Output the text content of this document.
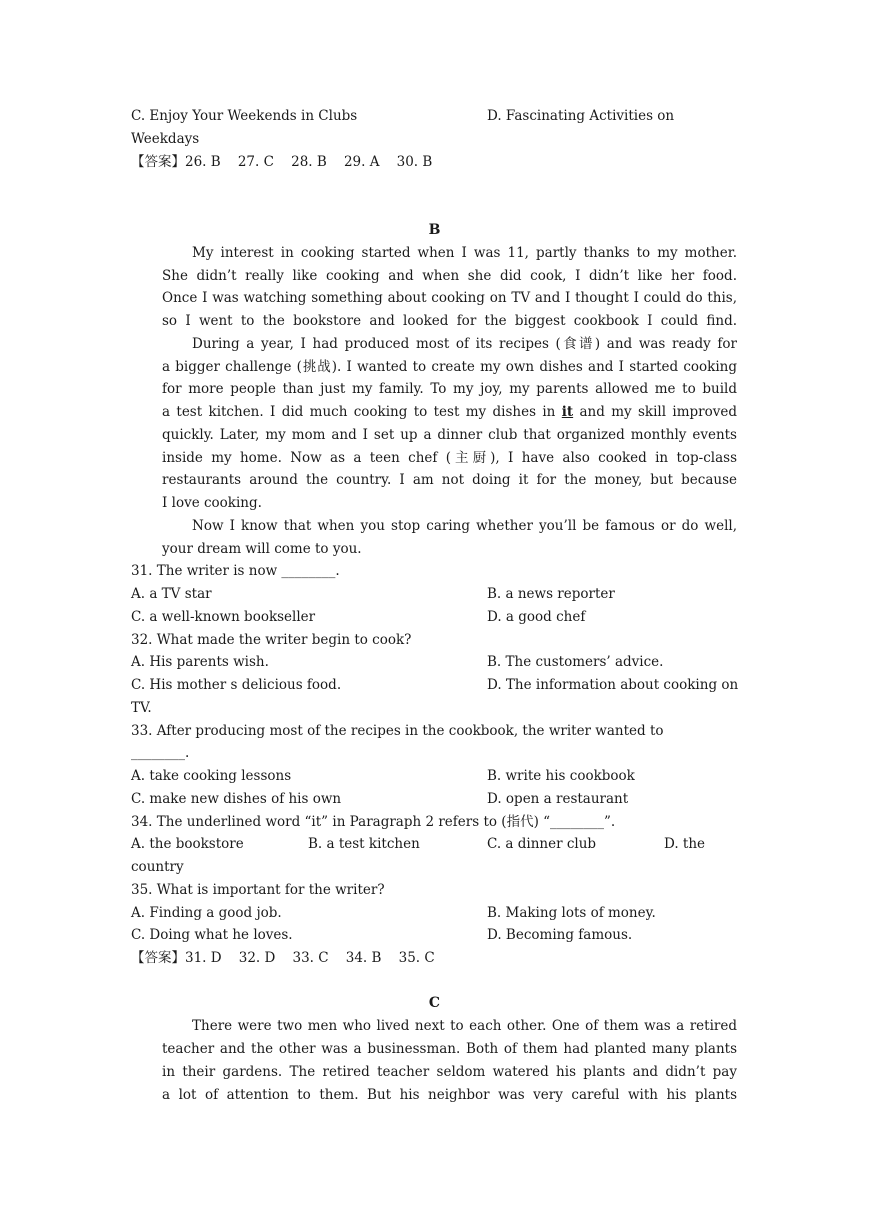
C. Enjoy Your Weekends in Clubs	D. Fascinating Activities on
Weekdays
【答案】26. B    27. C    28. B    29. A    30. B
B
My interest in cooking started when I was 11, partly thanks to my mother.
She didn’t really like cooking and when she did cook, I didn’t like her food.
Once I was watching something about cooking on TV and I thought I could do this,
so I went to the bookstore and looked for the biggest cookbook I could find.
During a year, I had produced most of its recipes (食谱) and was ready for
a bigger challenge (挑战). I wanted to create my own dishes and I started cooking
for more people than just my family. To my joy, my parents allowed me to build
a test kitchen. I did much cooking to test my dishes in it and my skill improved
quickly. Later, my mom and I set up a dinner club that organized monthly events
inside my home. Now as a teen chef (主厨), I have also cooked in top-class
restaurants around the country. I am not doing it for the money, but because
I love cooking.
Now I know that when you stop caring whether you’ll be famous or do well,
your dream will come to you.
31. The writer is now ________.
A. a TV star	B. a news reporter
C. a well-known bookseller	D. a good chef
32. What made the writer begin to cook?
A. His parents wish.	B. The customers’ advice.
C. His mother s delicious food.	D. The information about cooking on
TV.
33. After producing most of the recipes in the cookbook, the writer wanted to
________.
A. take cooking lessons	B. write his cookbook
C. make new dishes of his own	D. open a restaurant
34. The underlined word “it” in Paragraph 2 refers to (指代) “________”.
A. the bookstore	B. a test kitchen	C. a dinner club	D. the
country
35. What is important for the writer?
A. Finding a good job.	B. Making lots of money.
C. Doing what he loves.	D. Becoming famous.
【答案】31. D    32. D    33. C    34. B    35. C
C
There were two men who lived next to each other. One of them was a retired
teacher and the other was a businessman. Both of them had planted many plants
in their gardens. The retired teacher seldom watered his plants and didn’t pay
a lot of attention to them. But his neighbor was very careful with his plants
